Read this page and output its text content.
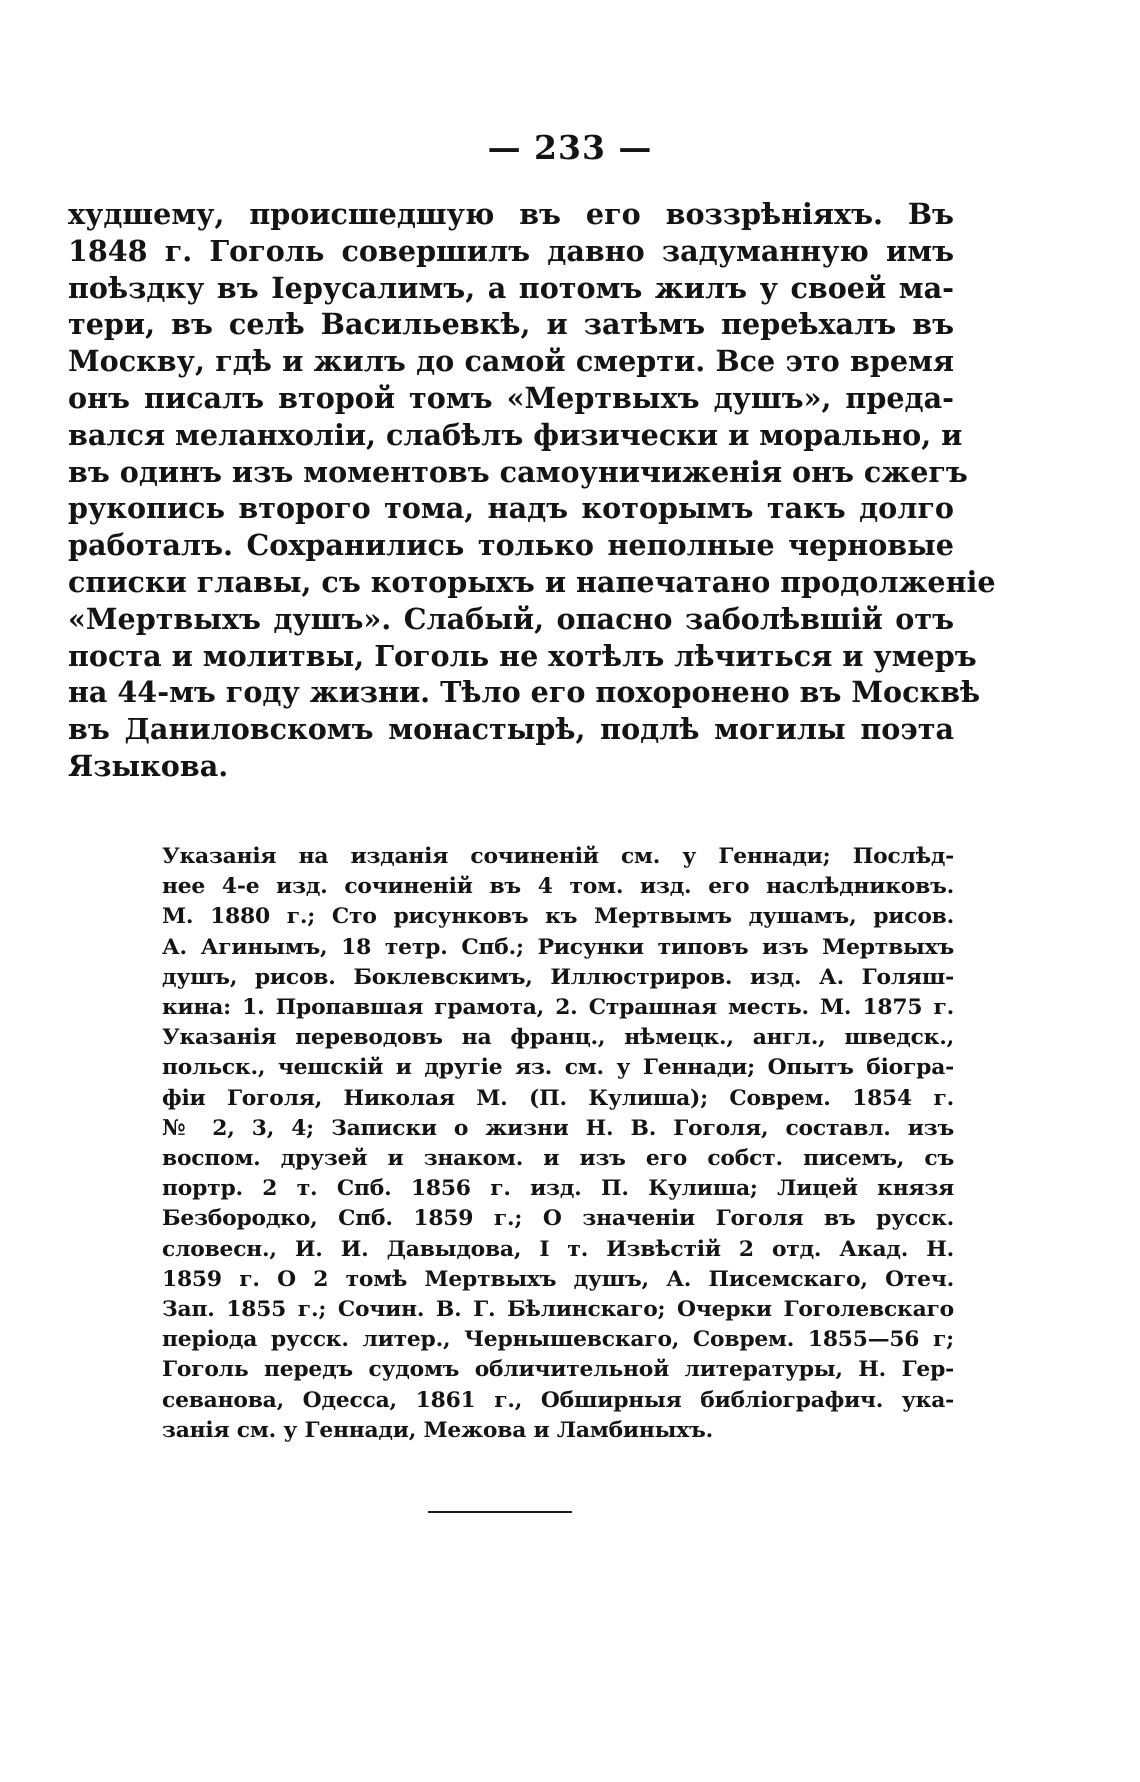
— 233 —
худшему, происшедшую въ его воззрѣніяхъ. Въ
1848 г. Гоголь совершилъ давно задуманную имъ
поѣздку въ Іерусалимъ, а потомъ жилъ у своей ма-
тери, въ селѣ Васильевкѣ, и затѣмъ переѣхалъ въ
Москву, гдѣ и жилъ до самой смерти. Все это время
онъ писалъ второй томъ «Мертвыхъ душъ», преда-
вался меланхоліи, слабѣлъ физически и морально, и
въ одинъ изъ моментовъ самоуничиженія онъ сжегъ
рукопись второго тома, надъ которымъ такъ долго
работалъ. Сохранились только неполные черновые
списки главы, съ которыхъ и напечатано продолженіе
«Мертвыхъ душъ». Слабый, опасно заболѣвшій отъ
поста и молитвы, Гоголь не хотѣлъ лѣчиться и умеръ
на 44-мъ году жизни. Тѣло его похоронено въ Москвѣ
въ Даниловскомъ монастырѣ, подлѣ могилы поэта
Языкова.
Указанія на изданія сочиненій см. у Геннади; Послѣд-
нее 4-е изд. сочиненій въ 4 том. изд. его наслѣдниковъ.
М. 1880 г.; Сто рисунковъ къ Мертвымъ душамъ, рисов.
А. Агинымъ, 18 тетр. Спб.; Рисунки типовъ изъ Мертвыхъ
душъ, рисов. Боклевскимъ, Иллюстриров. изд. А. Голяш-
кина: 1. Пропавшая грамота, 2. Страшная месть. М. 1875 г.
Указанія переводовъ на франц., нѣмецк., англ., шведск.,
польск., чешскій и другіе яз. см. у Геннади; Опытъ біогра-
фіи Гоголя, Николая М. (П. Кулиша); Соврем. 1854 г.
№ 2, 3, 4; Записки о жизни Н. В. Гоголя, составл. изъ
воспом. друзей и знаком. и изъ его собст. писемъ, съ
портр. 2 т. Спб. 1856 г. изд. П. Кулиша; Лицей князя
Безбородко, Спб. 1859 г.; О значеніи Гоголя въ русск.
словесн., И. И. Давыдова, I т. Извѣстій 2 отд. Акад. Н.
1859 г. О 2 томѣ Мертвыхъ душъ, А. Писемскаго, Отеч.
Зап. 1855 г.; Сочин. В. Г. Бѣлинскаго; Очерки Гоголевскаго
періода русск. литер., Чернышевскаго, Соврем. 1855—56 г;
Гоголь передъ судомъ обличительной литературы, Н. Гер-
севанова, Одесса, 1861 г., Обширныя библіографич. ука-
занія см. у Геннади, Межова и Ламбиныхъ.
